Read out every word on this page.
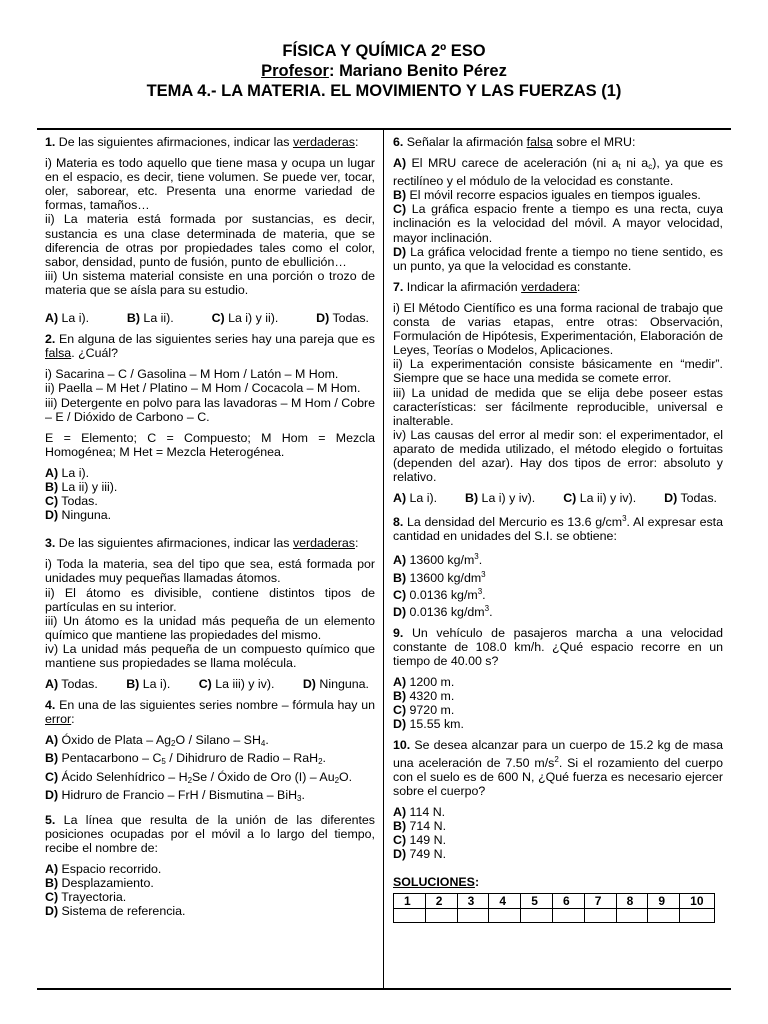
FÍSICA Y QUÍMICA 2º ESO
Profesor: Mariano Benito Pérez
TEMA 4.- LA MATERIA. EL MOVIMIENTO Y LAS FUERZAS (1)

1. De las siguientes afirmaciones, indicar las verdaderas:

i) Materia es todo aquello que tiene masa y ocupa un lugar en el espacio, es decir, tiene volumen. Se puede ver, tocar, oler, saborear, etc. Presenta una enorme variedad de formas, tamaños…

ii) La materia está formada por sustancias, es decir, sustancia es una clase determinada de materia, que se diferencia de otras por propiedades tales como el color, sabor, densidad, punto de fusión, punto de ebullición…

iii) Un sistema material consiste en una porción o trozo de materia que se aísla para su estudio.

A) La i).	B) La ii).	C) La i) y ii).	D) Todas.

2. En alguna de las siguientes series hay una pareja que es falsa. ¿Cuál?

i) Sacarina – C / Gasolina – M Hom / Latón – M Hom.

ii) Paella – M Het / Platino – M Hom / Cocacola – M Hom.

iii) Detergente en polvo para las lavadoras – M Hom / Cobre – E / Dióxido de Carbono – C.

E = Elemento; C = Compuesto; M Hom = Mezcla Homogénea; M Het = Mezcla Heterogénea.

A) La i).

B) La ii) y iii).

C) Todas.

D) Ninguna.

3. De las siguientes afirmaciones, indicar las verdaderas:

i) Toda la materia, sea del tipo que sea, está formada por unidades muy pequeñas llamadas átomos.

ii) El átomo es divisible, contiene distintos tipos de partículas en su interior.

iii) Un átomo es la unidad más pequeña de un elemento químico que mantiene las propiedades del mismo.

iv) La unidad más pequeña de un compuesto químico que mantiene sus propiedades se llama molécula.

A) Todas. B) La i). C) La iii) y iv). D) Ninguna.

4. En una de las siguientes series nombre – fórmula hay un error:

A) Óxido de Plata – $Ag_2O$ / Silano – $SH_4$.

B) Pentacarbono – $C_5$ / Dihidruro de Radio – RaH$_2$.

C) Ácido Selenhídrico – $H_2Se$ / Óxido de Oro $(I) - Au_2O$.

D) Hidruro de Francio – FrH / Bismutina – BiH$_3$.

5. La línea que resulta de la unión de las diferentes posiciones ocupadas por el móvil a lo largo del tiempo, recibe el nombre de:

A) Espacio recorrido.

B) Desplazamiento.

C) Trayectoria.

D) Sistema de referencia.

6. Señalar la afirmación falsa sobre el MRU:

A) El MRU carece de aceleración (ni $a_t$ ni $a_c$), ya que es rectilíneo y el módulo de la velocidad es constante.

B) El móvil recorre espacios iguales en tiempos iguales.

C) La gráfica espacio frente a tiempo es una recta, cuya inclinación es la velocidad del móvil. A mayor velocidad, mayor inclinación.

D) La gráfica velocidad frente a tiempo no tiene sentido, es un punto, ya que la velocidad es constante.

7. Indicar la afirmación verdadera:

i) El Método Científico es una forma racional de trabajo que consta de varias etapas, entre otras: Observación, Formulación de Hipótesis, Experimentación, Elaboración de Leyes, Teorías o Modelos, Aplicaciones.

ii) La experimentación consiste básicamente en “medir”. Siempre que se hace una medida se comete error.

iii) La unidad de medida que se elija debe poseer estas características: ser fácilmente reproducible, universal e inalterable.

iv) Las causas del error al medir son: el experimentador, el aparato de medida utilizado, el método elegido o fortuitas (dependen del azar). Hay dos tipos de error: absoluto y relativo.

A) La i). B) La i) y iv). C) La ii) y iv). D) Todas.

8. La densidad del Mercurio es 13.6 $g/cm^3$. Al expresar esta cantidad en unidades del S.I. se obtiene:

A) 13600 $kg/m^3$.

B) 13600 $kg/dm^3$

C) 0.0136 $kg/m^3$.

D) 0.0136 $kg/dm^3$.

9. Un vehículo de pasajeros marcha a una velocidad constante de 108.0 km/h. ¿Qué espacio recorre en un tiempo de 40.00 s?

A) 1200 m.

B) 4320 m.

C) 9720 m.

D) 15.55 km.

10. Se desea alcanzar para un cuerpo de 15.2 kg de masa una aceleración de 7.50 $m/s^2$. Si el rozamiento del cuerpo con el suelo es de 600 N, ¿Qué fuerza es necesario ejercer sobre el cuerpo?

A) 114 N.

B) 714 N.

C) 149 N.

D) 749 N.

SOLUCIONES:

1	2	3	4	5	6	7	8	9	10
